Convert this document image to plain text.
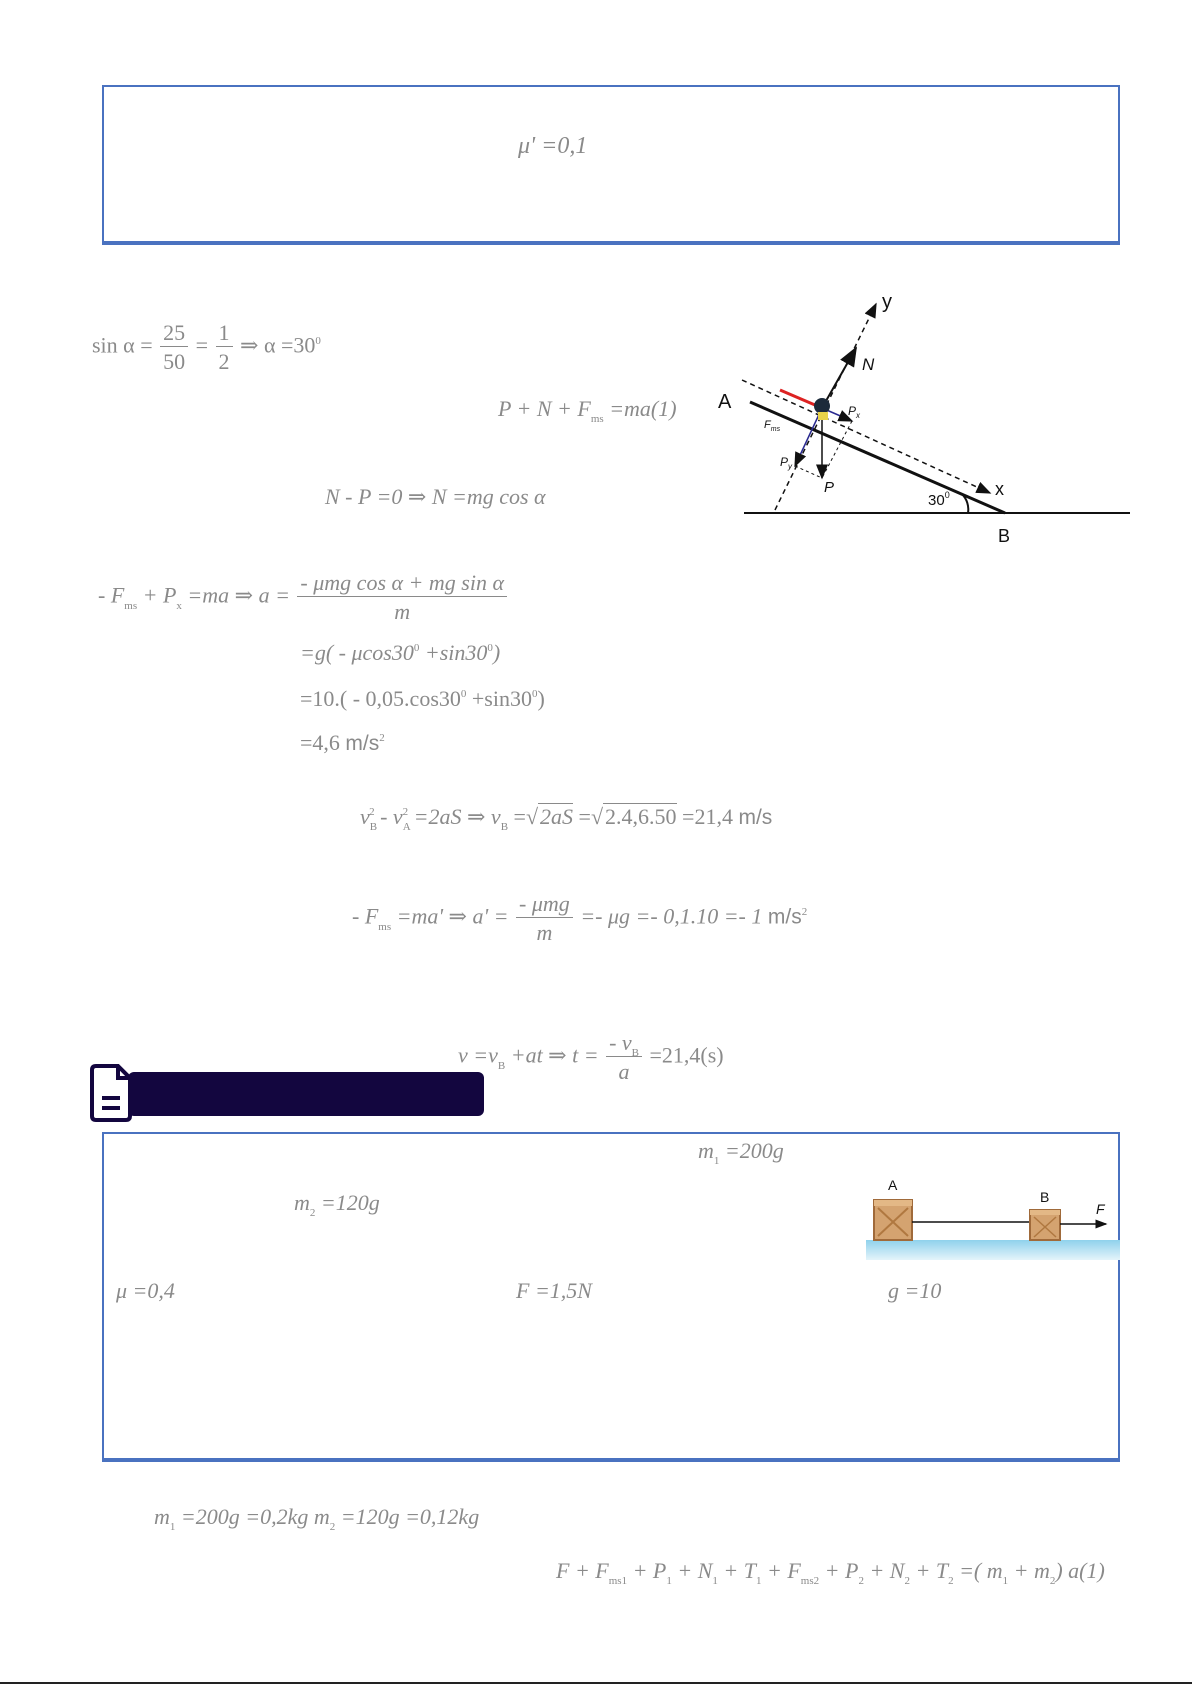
μ' =0,1
$\sin \alpha = \frac{25}{50} = \frac{1}{2}$ ⇒ $\alpha =30^0$
$P + N + F_{ms} =ma(1)$
N - P =0 ⇒ N =mg cos α
- $F_{ms} + P_x =ma$ ⇒ $a = \frac{\text{- μmg cos α + mg sin α}}{m}$
$=g( - \mu\cos 30^0 +\sin 30^0)$
$=10.( - 0,05.\cos 30^0 +\sin 30^0)$
=4,6 $m/s^2$
$v_B^2 - v_A^2 =2aS$ ⇒ $v_B =√2aS =√2.4,6.50 =21,4$ m/s
- $F_{ms} =ma'$ ⇒ $a' = \frac{\text{- μmg}}{m} =- \mu g =- 0,1.10 =- 1$ $m/s^2$
$v =v_B +at$ ⇒ $t = \frac{- v_B}{a} =21,4(s)$
y
N
A
x
B
P
$P_x$
$P_y$
$F_{ms}$
$30^0$
$m_1 =200g$
$m_2 =120g$
μ =0,4	F =1,5N	g =10
A
B
F
$m_1 =200g =0,2kg$ $m_2 =120g =0,12kg$
$F + F_{ms1} + P_1 + N_1 + T_1 + F_{ms2} + P_2 + N_2 + T_2$ =( $m_1 + m_2$) a(1)
